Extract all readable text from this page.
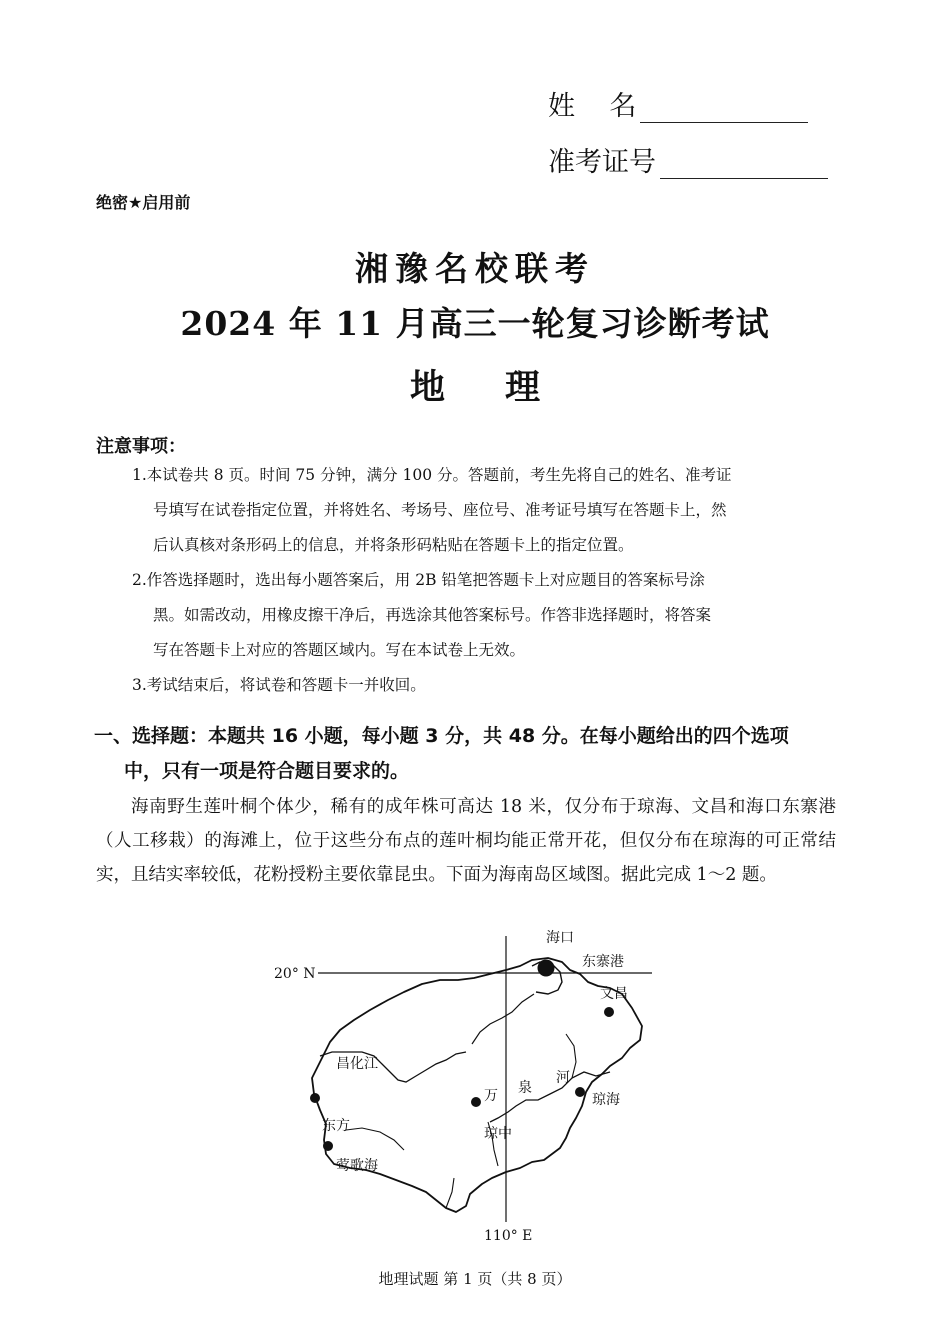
姓    名
准考证号
绝密★启用前
湘豫名校联考
2024 年 11 月高三一轮复习诊断考试
地理
注意事项：
1.本试卷共 8 页。时间 75 分钟，满分 100 分。答题前，考生先将自己的姓名、准考证
号填写在试卷指定位置，并将姓名、考场号、座位号、准考证号填写在答题卡上，然
后认真核对条形码上的信息，并将条形码粘贴在答题卡上的指定位置。
2.作答选择题时，选出每小题答案后，用 2B 铅笔把答题卡上对应题目的答案标号涂
黑。如需改动，用橡皮擦干净后，再选涂其他答案标号。作答非选择题时，将答案
写在答题卡上对应的答题区域内。写在本试卷上无效。
3.考试结束后，将试卷和答题卡一并收回。
一、选择题：本题共 16 小题，每小题 3 分，共 48 分。在每小题给出的四个选项
中，只有一项是符合题目要求的。
海南野生莲叶桐个体少，稀有的成年株可高达 18 米，仅分布于琼海、文昌和海口东寨港（人工移栽）的海滩上，位于这些分布点的莲叶桐均能正常开花，但仅分布在琼海的可正常结实，且结实率较低，花粉授粉主要依靠昆虫。下面为海南岛区域图。据此完成 1～2 题。
20° N
110° E
海口
东寨港
文昌
琼海
琼中
东方
莺歌海
昌化江
万 泉
河
地理试题 第 1 页（共 8 页）
